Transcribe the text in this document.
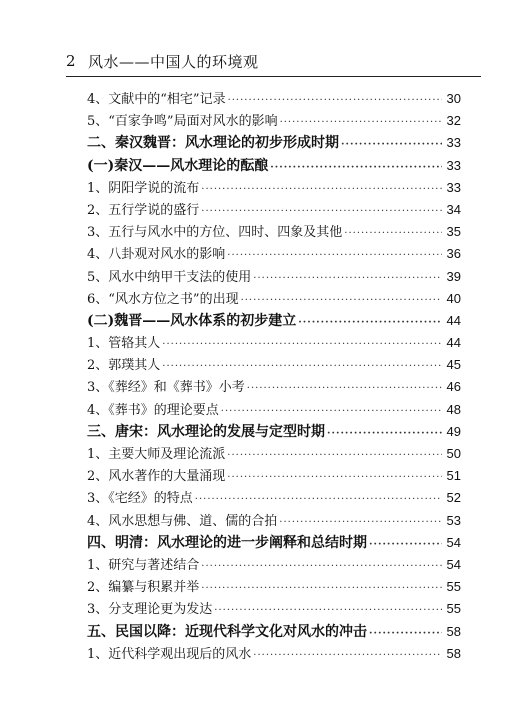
2 风水——中国人的环境观
4、文献中的“相宅”记录 ·····	30
5、“百家争鸣”局面对风水的影响 ·····	32
二、秦汉魏晋：风水理论的初步形成时期 ·····	33
(一)秦汉——风水理论的酝酿 ·····	33
1、阴阳学说的流布 ·····	33
2、五行学说的盛行 ·····	34
3、五行与风水中的方位、四时、四象及其他 ·····	35
4、八卦观对风水的影响 ·····	36
5、风水中纳甲干支法的使用 ·····	39
6、“风水方位之书”的出现 ·····	40
(二)魏晋——风水体系的初步建立 ·····	44
1、管辂其人 ·····	44
2、郭璞其人 ·····	45
3、《葬经》和《葬书》小考 ·····	46
4、《葬书》的理论要点 ·····	48
三、唐宋：风水理论的发展与定型时期 ·····	49
1、主要大师及理论流派 ·····	50
2、风水著作的大量涌现 ·····	51
3、《宅经》的特点 ·····	52
4、风水思想与佛、道、儒的合拍 ·····	53
四、明清：风水理论的进一步阐释和总结时期 ·····	54
1、研究与著述结合 ·····	54
2、编纂与积累并举 ·····	55
3、分支理论更为发达 ·····	55
五、民国以降：近现代科学文化对风水的冲击 ·····	58
1、近代科学观出现后的风水 ·····	58
